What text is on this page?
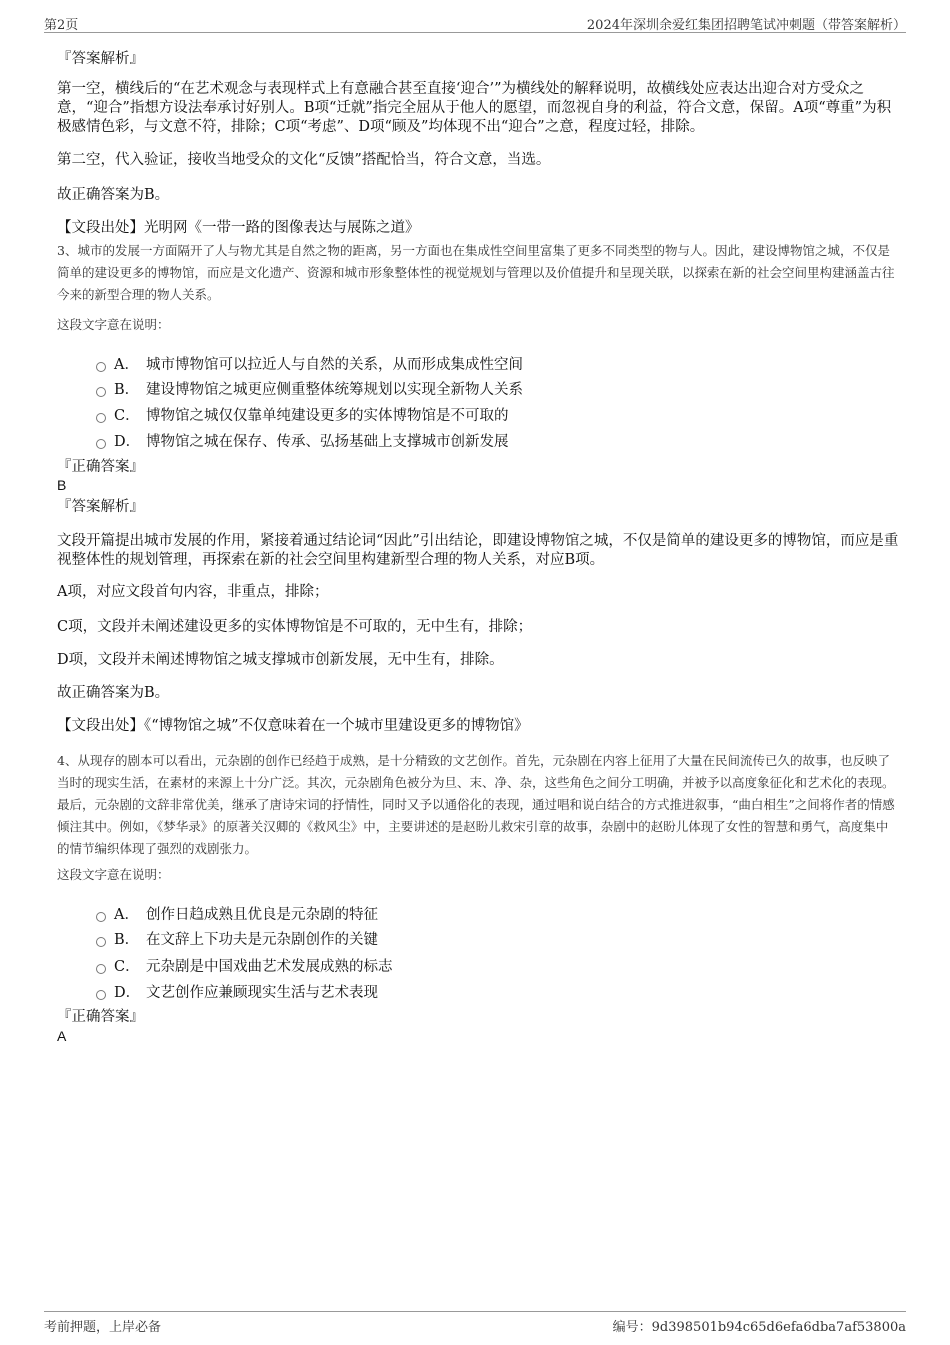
第2页	2024年深圳余爱红集团招聘笔试冲刺题（带答案解析）
『答案解析』
第一空，横线后的“在艺术观念与表现样式上有意融合甚至直接‘迎合’”为横线处的解释说明，故横线处应表达出迎合对方受众之意，“迎合”指想方设法奉承讨好别人。B项“迁就”指完全屈从于他人的愿望，而忽视自身的利益，符合文意，保留。A项“尊重”为积极感情色彩，与文意不符，排除；C项“考虑”、D项“顾及”均体现不出“迎合”之意，程度过轻，排除。
第二空，代入验证，接收当地受众的文化“反馈”搭配恰当，符合文意，当选。
故正确答案为B。
【文段出处】光明网《一带一路的图像表达与展陈之道》
3、城市的发展一方面隔开了人与物尤其是自然之物的距离，另一方面也在集成性空间里富集了更多不同类型的物与人。因此，建设博物馆之城，不仅是简单的建设更多的博物馆，而应是文化遗产、资源和城市形象整体性的视觉规划与管理以及价值提升和呈现关联，以探索在新的社会空间里构建涵盖古往今来的新型合理的物人关系。
这段文字意在说明：
A． 城市博物馆可以拉近人与自然的关系，从而形成集成性空间
B． 建设博物馆之城更应侧重整体统筹规划以实现全新物人关系
C． 博物馆之城仅仅靠单纯建设更多的实体博物馆是不可取的
D． 博物馆之城在保存、传承、弘扬基础上支撑城市创新发展
『正确答案』
B
『答案解析』
文段开篇提出城市发展的作用，紧接着通过结论词“因此”引出结论，即建设博物馆之城，不仅是简单的建设更多的博物馆，而应是重视整体性的规划管理，再探索在新的社会空间里构建新型合理的物人关系，对应B项。
A项，对应文段首句内容，非重点，排除；
C项，文段并未阐述建设更多的实体博物馆是不可取的，无中生有，排除；
D项，文段并未阐述博物馆之城支撑城市创新发展，无中生有，排除。
故正确答案为B。
【文段出处】《“博物馆之城”不仅意味着在一个城市里建设更多的博物馆》
4、从现存的剧本可以看出，元杂剧的创作已经趋于成熟，是十分精致的文艺创作。首先，元杂剧在内容上征用了大量在民间流传已久的故事，也反映了当时的现实生活，在素材的来源上十分广泛。其次，元杂剧角色被分为旦、末、净、杂，这些角色之间分工明确，并被予以高度象征化和艺术化的表现。最后，元杂剧的文辞非常优美，继承了唐诗宋词的抒情性，同时又予以通俗化的表现，通过唱和说白结合的方式推进叙事，“曲白相生”之间将作者的情感倾注其中。例如，《梦华录》的原著关汉卿的《救风尘》中，主要讲述的是赵盼儿救宋引章的故事，杂剧中的赵盼儿体现了女性的智慧和勇气，高度集中的情节编织体现了强烈的戏剧张力。
这段文字意在说明：
A． 创作日趋成熟且优良是元杂剧的特征
B． 在文辞上下功夫是元杂剧创作的关键
C． 元杂剧是中国戏曲艺术发展成熟的标志
D． 文艺创作应兼顾现实生活与艺术表现
『正确答案』
A
考前押题，上岸必备	编号：9d398501b94c65d6efa6dba7af53800a
